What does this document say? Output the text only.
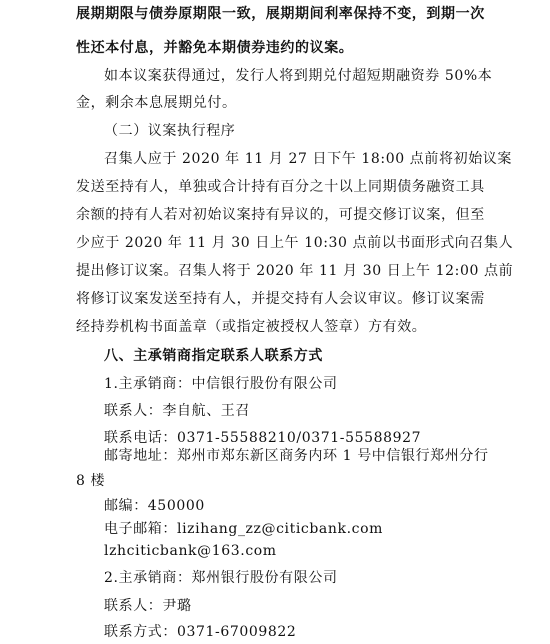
展期期限与债券原期限一致，展期期间利率保持不变，到期一次
性还本付息，并豁免本期债券违约的议案。
如本议案获得通过，发行人将到期兑付超短期融资券 50%本
金，剩余本息展期兑付。
（二）议案执行程序
召集人应于 2020 年 11 月 27 日下午 18:00 点前将初始议案
发送至持有人，单独或合计持有百分之十以上同期债务融资工具
余额的持有人若对初始议案持有异议的，可提交修订议案，但至
少应于 2020 年 11 月 30 日上午 10:30 点前以书面形式向召集人
提出修订议案。召集人将于 2020 年 11 月 30 日上午 12:00 点前
将修订议案发送至持有人，并提交持有人会议审议。修订议案需
经持券机构书面盖章（或指定被授权人签章）方有效。
八、主承销商指定联系人联系方式
1.主承销商：中信银行股份有限公司
联系人：李自航、王召
联系电话：0371-55588210/0371-55588927
邮寄地址：郑州市郑东新区商务内环 1 号中信银行郑州分行
8 楼
邮编：450000
电子邮箱：lizihang_zz@citicbank.com
lzhciticbank@163.com
2.主承销商：郑州银行股份有限公司
联系人：尹璐
联系方式：0371-67009822
